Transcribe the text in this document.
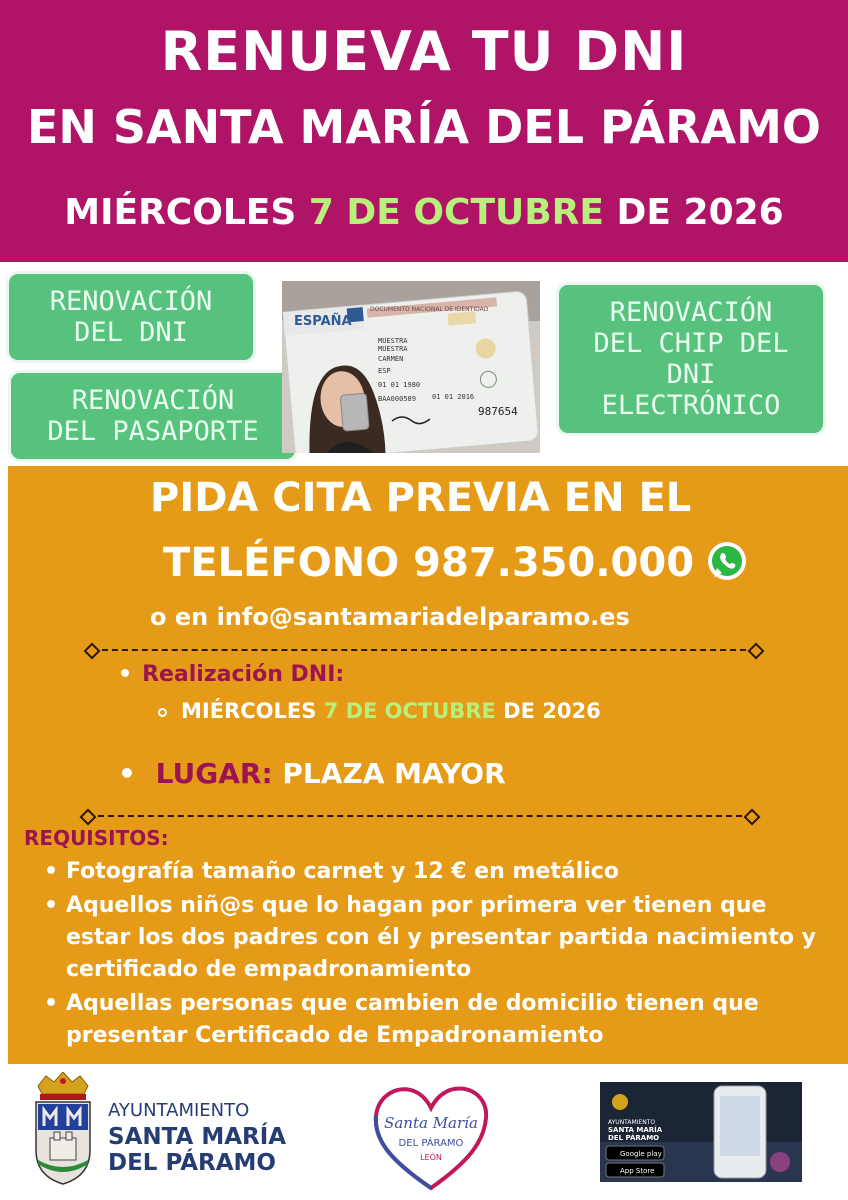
RENUEVA TU DNI
EN SANTA MARÍA DEL PÁRAMO
MIÉRCOLES 7 DE OCTUBRE DE 2026
RENOVACIÓN
DEL DNI
RENOVACIÓN
DEL PASAPORTE
RENOVACIÓN
DEL CHIP DEL
DNI
ELECTRÓNICO
ESPAÑA
DOCUMENTO NACIONAL DE IDENTIDAD
MUESTRA
MUESTRA
CARMEN
ESP
01 01 1980
01 01 2016
BAA000589
987654
PIDA CITA PREVIA EN EL
TELÉFONO 987.350.000
o en info@santamariadelparamo.es
• Realización DNI:
MIÉRCOLES 7 DE OCTUBRE DE 2026
• LUGAR: PLAZA MAYOR
REQUISITOS:
• Fotografía tamaño carnet y 12 € en metálico
• Aquellos niñ@s que lo hagan por primera ver tienen que estar los dos padres con él y presentar partida nacimiento y certificado de empadronamiento
• Aquellas personas que cambien de domicilio tienen que presentar Certificado de Empadronamiento
AYUNTAMIENTO
SANTA MARÍA
DEL PÁRAMO
Santa María
DEL PÁRAMO
LEÓN
AYUNTAMIENTO
SANTA MARÍA
DEL PÁRAMO
Google play
App Store
